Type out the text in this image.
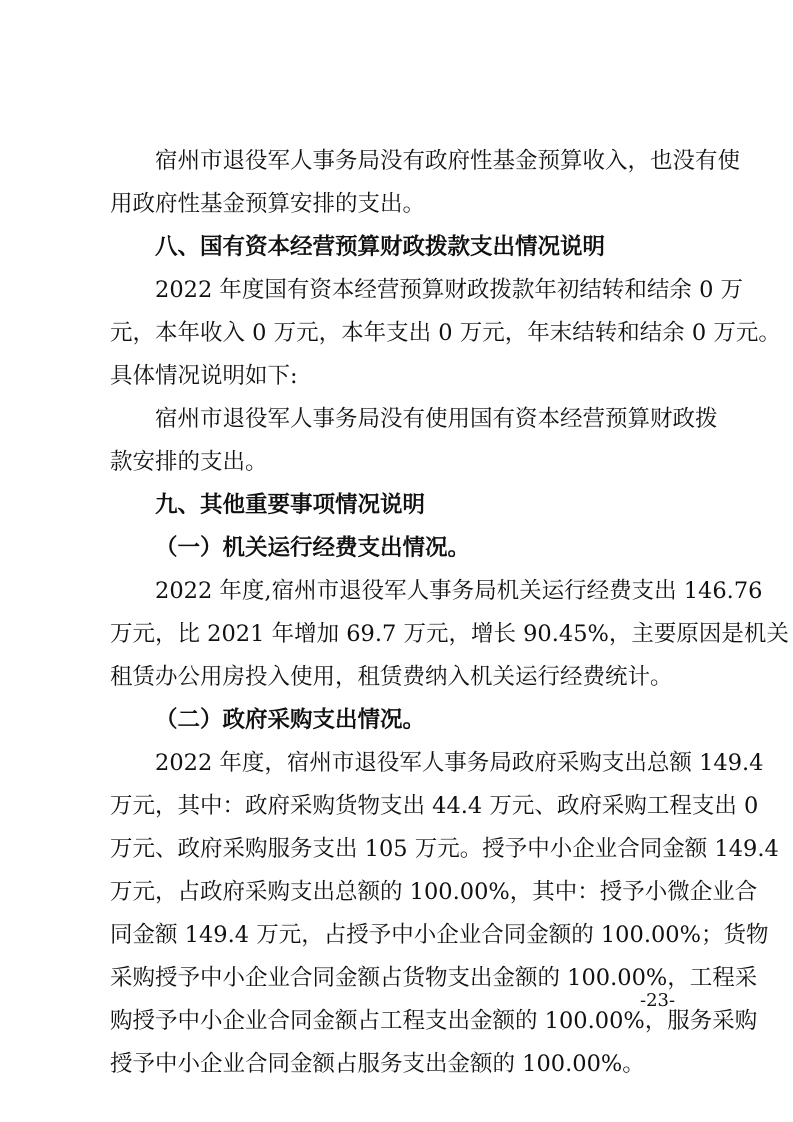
宿州市退役军人事务局没有政府性基金预算收入，也没有使

用政府性基金预算安排的支出。

八、国有资本经营预算财政拨款支出情况说明

2022 年度国有资本经营预算财政拨款年初结转和结余 0 万

元，本年收入 0 万元，本年支出 0 万元，年末结转和结余 0 万元。
具体情况说明如下:

宿州市退役军人事务局没有使用国有资本经营预算财政拨

款安排的支出。

九、其他重要事项情况说明

（一）机关运行经费支出情况。

2022 年度,宿州市退役军人事务局机关运行经费支出 146.76

万元，比 2021 年增加 69.7 万元，增长 90.45%，主要原因是机关
租赁办公用房投入使用，租赁费纳入机关运行经费统计。

（二）政府采购支出情况。

2022 年度，宿州市退役军人事务局政府采购支出总额 149.4

万元，其中：政府采购货物支出 44.4 万元、政府采购工程支出 0
万元、政府采购服务支出 105 万元。授予中小企业合同金额 149.4
万元，占政府采购支出总额的 100.00%，其中：授予小微企业合
同金额 149.4 万元，占授予中小企业合同金额的 100.00%；货物
采购授予中小企业合同金额占货物支出金额的 100.00%，工程采
购授予中小企业合同金额占工程支出金额的 100.00%，服务采购
授予中小企业合同金额占服务支出金额的 100.00%。

-23-
